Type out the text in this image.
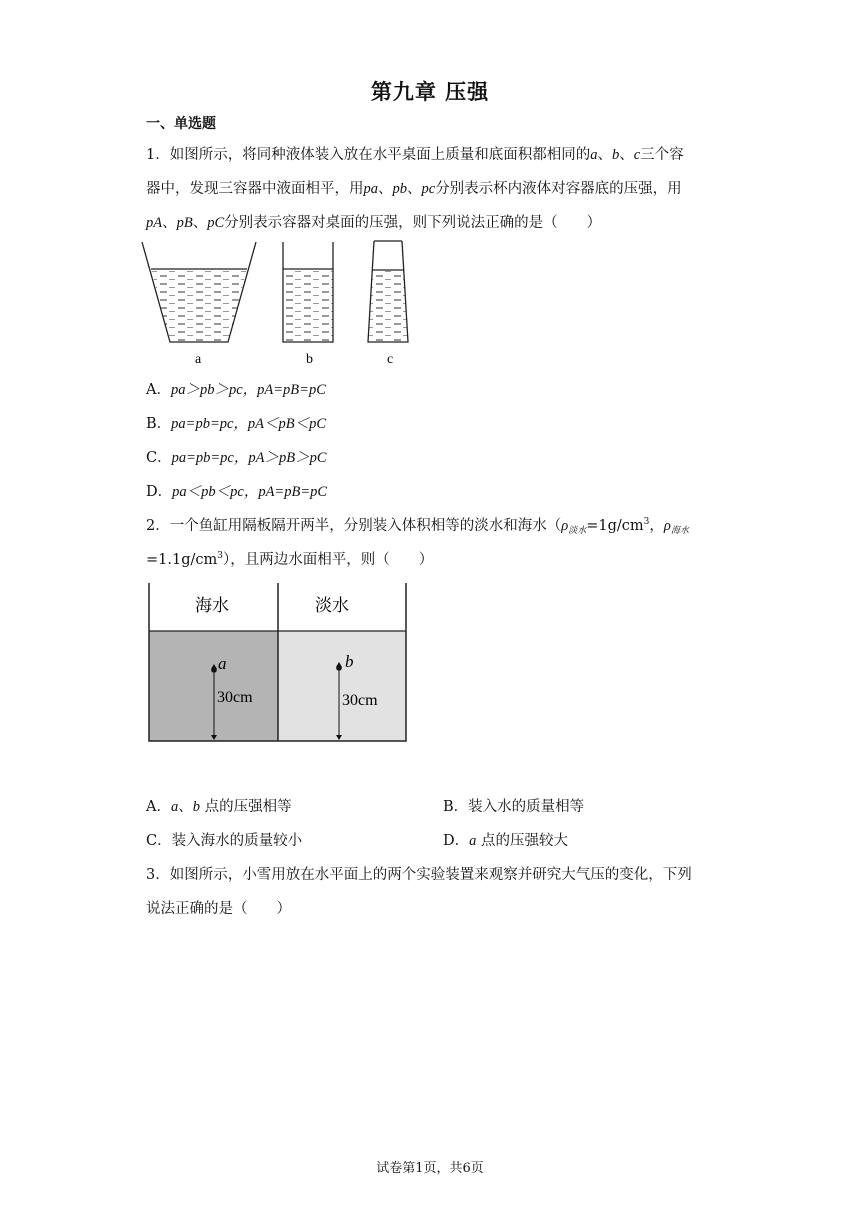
第九章 压强
一、单选题
1．如图所示，将同种液体装入放在水平桌面上质量和底面积都相同的a、b、c三个容
器中，发现三容器中液面相平，用pa、pb、pc分别表示杯内液体对容器底的压强，用
pA、pB、pC分别表示容器对桌面的压强，则下列说法正确的是（　　）
a	b	c
A．pa＞pb＞pc，pA=pB=pC
B．pa=pb=pc，pA＜pB＜pC
C．pa=pb=pc，pA＞pB＞pC
D．pa＜pb＜pc，pA=pB=pC
2．一个鱼缸用隔板隔开两半，分别装入体积相等的淡水和海水（$\rho_{淡水}=1g/cm^3$，$\rho_{海水}$
$=1.1g/cm^3$），且两边水面相平，则（　　）
海水	淡水
a
30cm
b
30cm
A．a、b 点的压强相等	B．装入水的质量相等
C．装入海水的质量较小	D．a 点的压强较大
3．如图所示，小雪用放在水平面上的两个实验装置来观察并研究大气压的变化，下列
说法正确的是（　　）
试卷第1页，共6页
